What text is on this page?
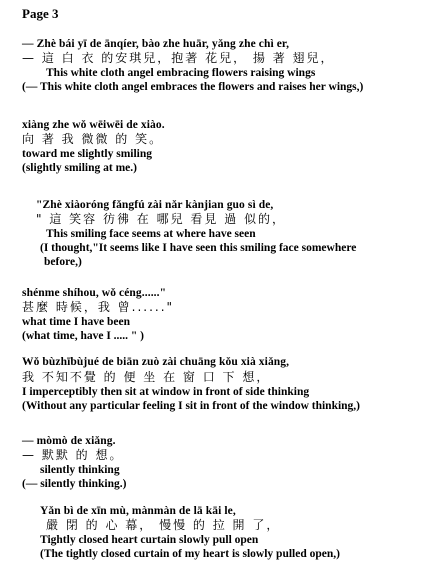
Page 3
— Zhè bái yī de ānqíer, bào zhe huār, yǎng zhe chì er,
— 這 白 衣 的安琪兒，抱著 花兒， 揚 著 翅兒，
This white cloth angel embracing flowers raising wings
(— This white cloth angel embraces the flowers and raises her wings,)
xiàng zhe wǒ wēiwēi de xiào.
向 著 我 微微 的 笑。
toward me slightly smiling
(slightly smiling at me.)
"Zhè xiàoróng fǎngfú zài nǎr kànjian guo sì de,
" 這 笑容 彷彿 在 哪兒 看見 過 似的，
This smiling face seems at where have seen
(I thought,"It seems like I have seen this smiling face somewhere
before,)
shénme shíhou, wǒ céng......"
甚麼 時候，我 曾......"
what time I have been
(what time, have I ..... " )
Wǒ bùzhībùjué de biān zuò zài chuāng kǒu xià xiǎng,
我 不知不覺 的 便 坐 在 窗 口 下 想，
I imperceptibly then sit at window in front of side thinking
(Without any particular feeling I sit in front of the window thinking,)
— mòmò de xiǎng.
— 默默 的 想。
silently thinking
(— silently thinking.)
Yǎn bì de xīn mù, mànmàn de lā kāi le,
嚴 閉 的 心 幕， 慢慢 的 拉 開 了，
Tightly closed heart curtain slowly pull open
(The tightly closed curtain of my heart is slowly pulled open,)
